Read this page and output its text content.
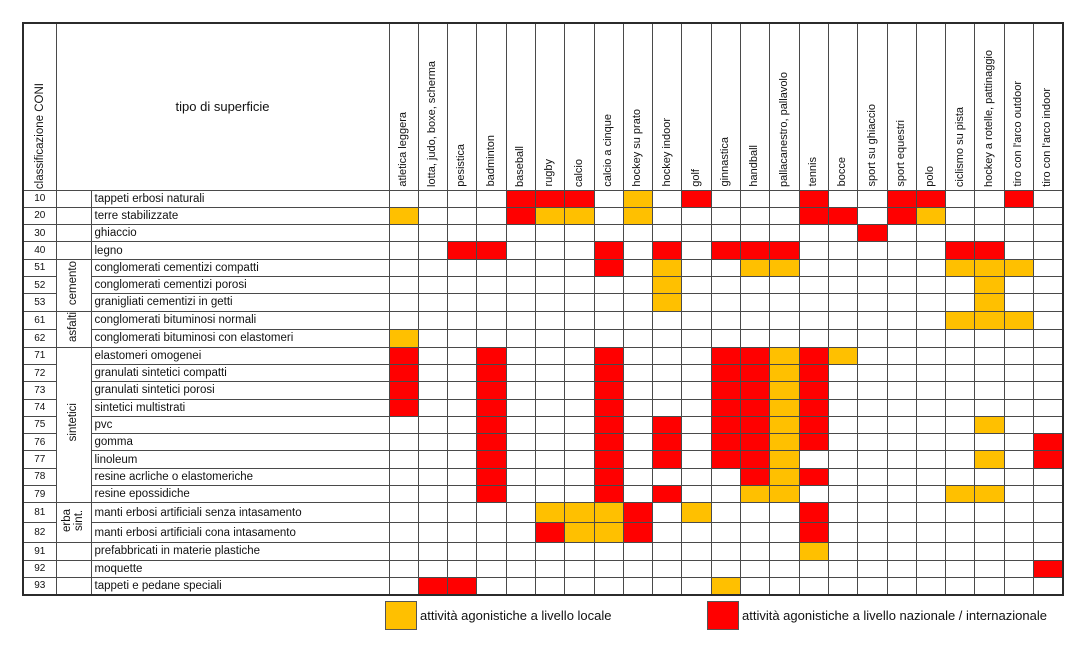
classificazione CONI	tipo di superficie		atletica leggera	lotta, judo, boxe, scherma	pesistica	badminton	baseball	rugby	calcio	calcio a cinque	hockey su prato	hockey indoor	golf	ginnastica	handball	pallacanestro, pallavolo	tennis	bocce	sport su ghiaccio	sport equestri	polo	ciclismo su pista	hockey a rotelle, pattinaggio	tiro con l'arco outdoor	tiro con l'arco indoor

10		tappeti erbosi naturali																							
20		terre stabilizzate																							
30		ghiaccio																							
40		legno																							
51	cemento	conglomerati cementizi compatti																							
52		conglomerati cementizi porosi																							
53		granigliati cementizi in getti																							
61	asfalti	conglomerati bituminosi normali																							
62		conglomerati bituminosi con elastomeri																							
71	sintetici	elastomeri omogenei																							
72		granulati sintetici compatti																							
73		granulati sintetici porosi																							
74		sintetici multistrati																							
75		pvc																							
76		gomma																							
77		linoleum																							
78		resine acrliche o elastomeriche																							
79		resine epossidiche																							
81	erba sint.	manti erbosi artificiali senza intasamento																							
82		manti erbosi artificiali cona intasamento																							
91		prefabbricati in materie plastiche																							
92		moquette																							
93		tappeti e pedane speciali																							
attività agonistiche a livello locale	attività agonistiche a livello nazionale / internazionale
